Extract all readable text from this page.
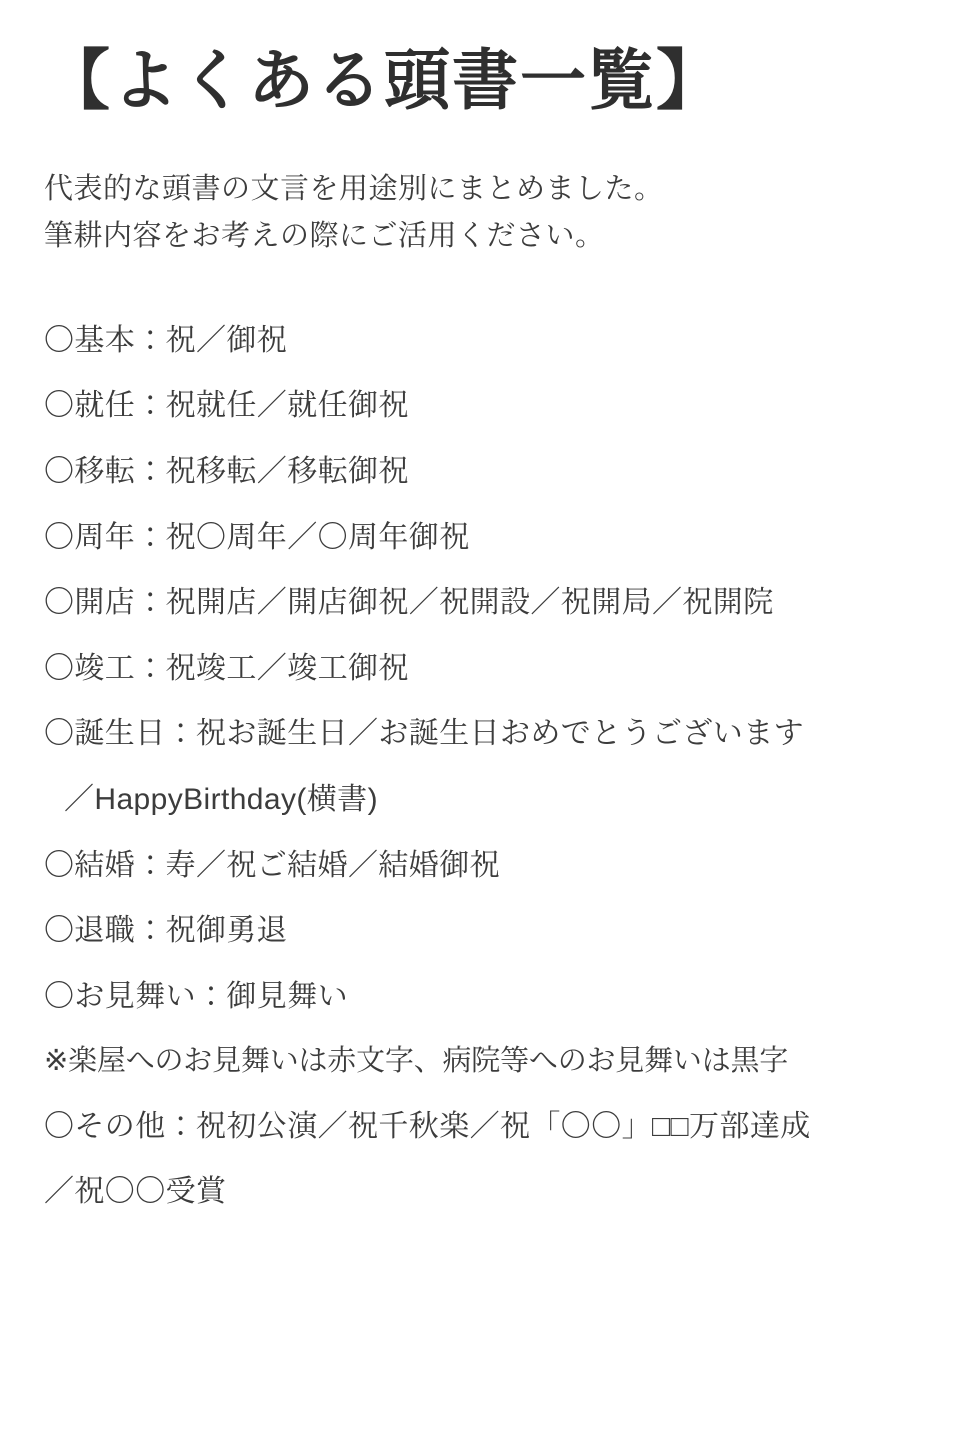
【よくある頭書一覧】
代表的な頭書の文言を用途別にまとめました。
筆耕内容をお考えの際にご活用ください。
〇基本：祝／御祝
〇就任：祝就任／就任御祝
〇移転：祝移転／移転御祝
〇周年：祝〇周年／〇周年御祝
〇開店：祝開店／開店御祝／祝開設／祝開局／祝開院
〇竣工：祝竣工／竣工御祝
〇誕生日：祝お誕生日／お誕生日おめでとうございます
／HappyBirthday(横書)
〇結婚：寿／祝ご結婚／結婚御祝
〇退職：祝御勇退
〇お見舞い：御見舞い
※楽屋へのお見舞いは赤文字、病院等へのお見舞いは黒字
〇その他：祝初公演／祝千秋楽／祝「〇〇」□□万部達成
／祝〇〇受賞
